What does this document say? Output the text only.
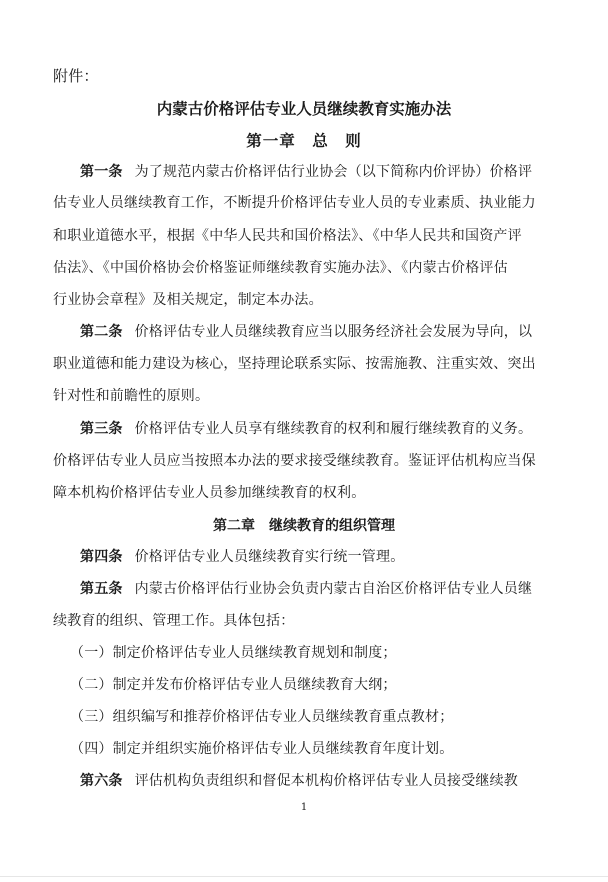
附件：
内蒙古价格评估专业人员继续教育实施办法
第一章　总　则
第一条 为了规范内蒙古价格评估行业协会（以下简称内价评协）价格评
估专业人员继续教育工作，不断提升价格评估专业人员的专业素质、执业能力
和职业道德水平，根据《中华人民共和国价格法》、《中华人民共和国资产评
估法》、《中国价格协会价格鉴证师继续教育实施办法》、《内蒙古价格评估
行业协会章程》及相关规定，制定本办法。
第二条 价格评估专业人员继续教育应当以服务经济社会发展为导向，以
职业道德和能力建设为核心，坚持理论联系实际、按需施教、注重实效、突出
针对性和前瞻性的原则。
第三条 价格评估专业人员享有继续教育的权利和履行继续教育的义务。
价格评估专业人员应当按照本办法的要求接受继续教育。鉴证评估机构应当保
障本机构价格评估专业人员参加继续教育的权利。
第二章　继续教育的组织管理
第四条 价格评估专业人员继续教育实行统一管理。
第五条 内蒙古价格评估行业协会负责内蒙古自治区价格评估专业人员继
续教育的组织、管理工作。具体包括：
（一）制定价格评估专业人员继续教育规划和制度；
（二）制定并发布价格评估专业人员继续教育大纲；
（三）组织编写和推荐价格评估专业人员继续教育重点教材；
（四）制定并组织实施价格评估专业人员继续教育年度计划。
第六条 评估机构负责组织和督促本机构价格评估专业人员接受继续教
1
